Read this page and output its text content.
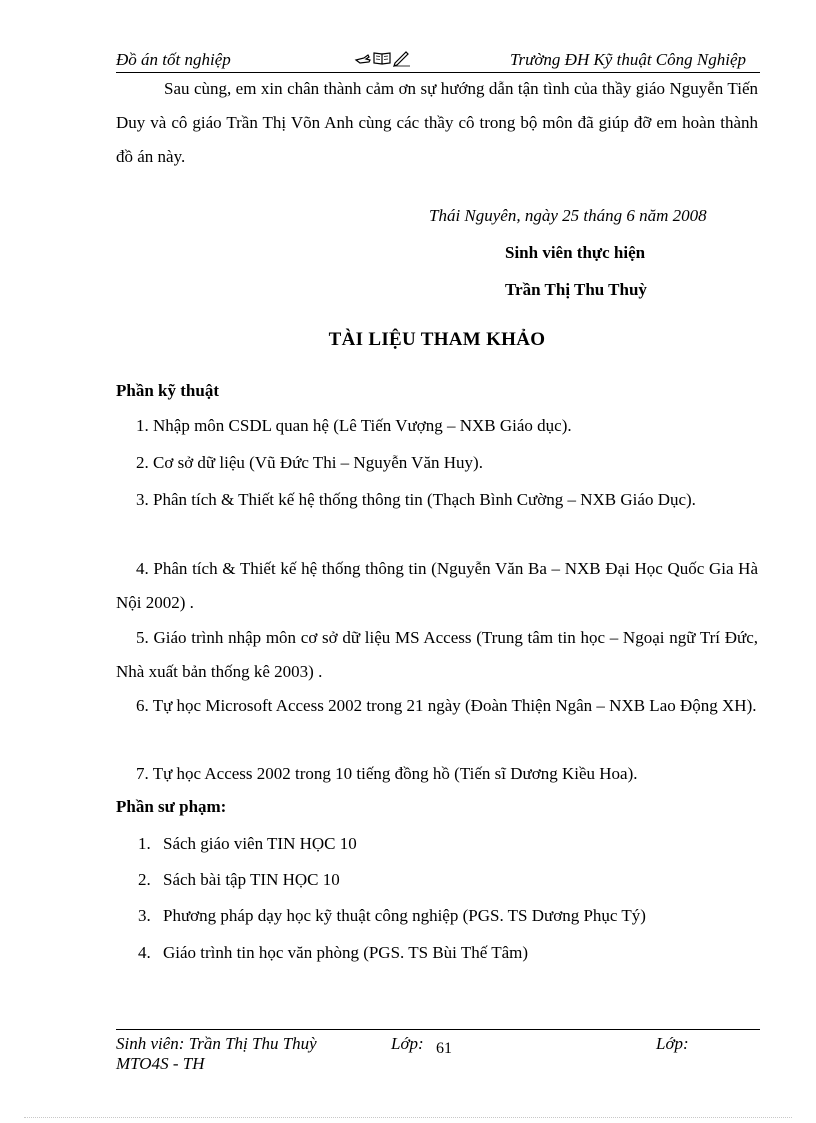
Đồ án tốt nghiệp	Trường ĐH Kỹ thuật Công Nghiệp
Sau cùng, em xin chân thành cảm ơn sự hướng dẫn tận tình của thầy giáo Nguyễn Tiến Duy và cô giáo Trần Thị Võn Anh cùng các thầy cô trong bộ môn đã giúp đỡ em hoàn thành đồ án này.
Thái Nguyên, ngày 25 tháng 6 năm 2008
Sinh viên thực hiện
Trần Thị Thu Thuỳ
TÀI LIỆU THAM KHẢO
Phần kỹ thuật
1. Nhập môn CSDL quan hệ (Lê Tiến Vượng – NXB Giáo dục).
2. Cơ sở dữ liệu (Vũ Đức Thi – Nguyễn Văn Huy).
3. Phân tích & Thiết kế hệ thống thông tin (Thạch Bình Cường – NXB Giáo Dục).
4. Phân tích & Thiết kế hệ thống thông tin (Nguyễn Văn Ba – NXB Đại Học Quốc Gia Hà Nội 2002) .
5. Giáo trình nhập môn cơ sở dữ liệu MS Access (Trung tâm tin học – Ngoại ngữ Trí Đức, Nhà xuất bản thống kê 2003) .
6. Tự học Microsoft Access 2002 trong 21 ngày (Đoàn Thiện Ngân – NXB Lao Động XH).
7. Tự học Access 2002 trong 10 tiếng đồng hồ (Tiến sĩ Dương Kiều Hoa).
Phần sư phạm:
1. Sách giáo viên TIN HỌC 10
2. Sách bài tập TIN HỌC 10
3. Phương pháp dạy học kỹ thuật công nghiệp (PGS. TS Dương Phục Tý)
4. Giáo trình tin học văn phòng (PGS. TS Bùi Thế Tâm)
Sinh viên: Trần Thị Thu Thuỳ	Lớp: 61	Lớp:
MTO4S - TH
